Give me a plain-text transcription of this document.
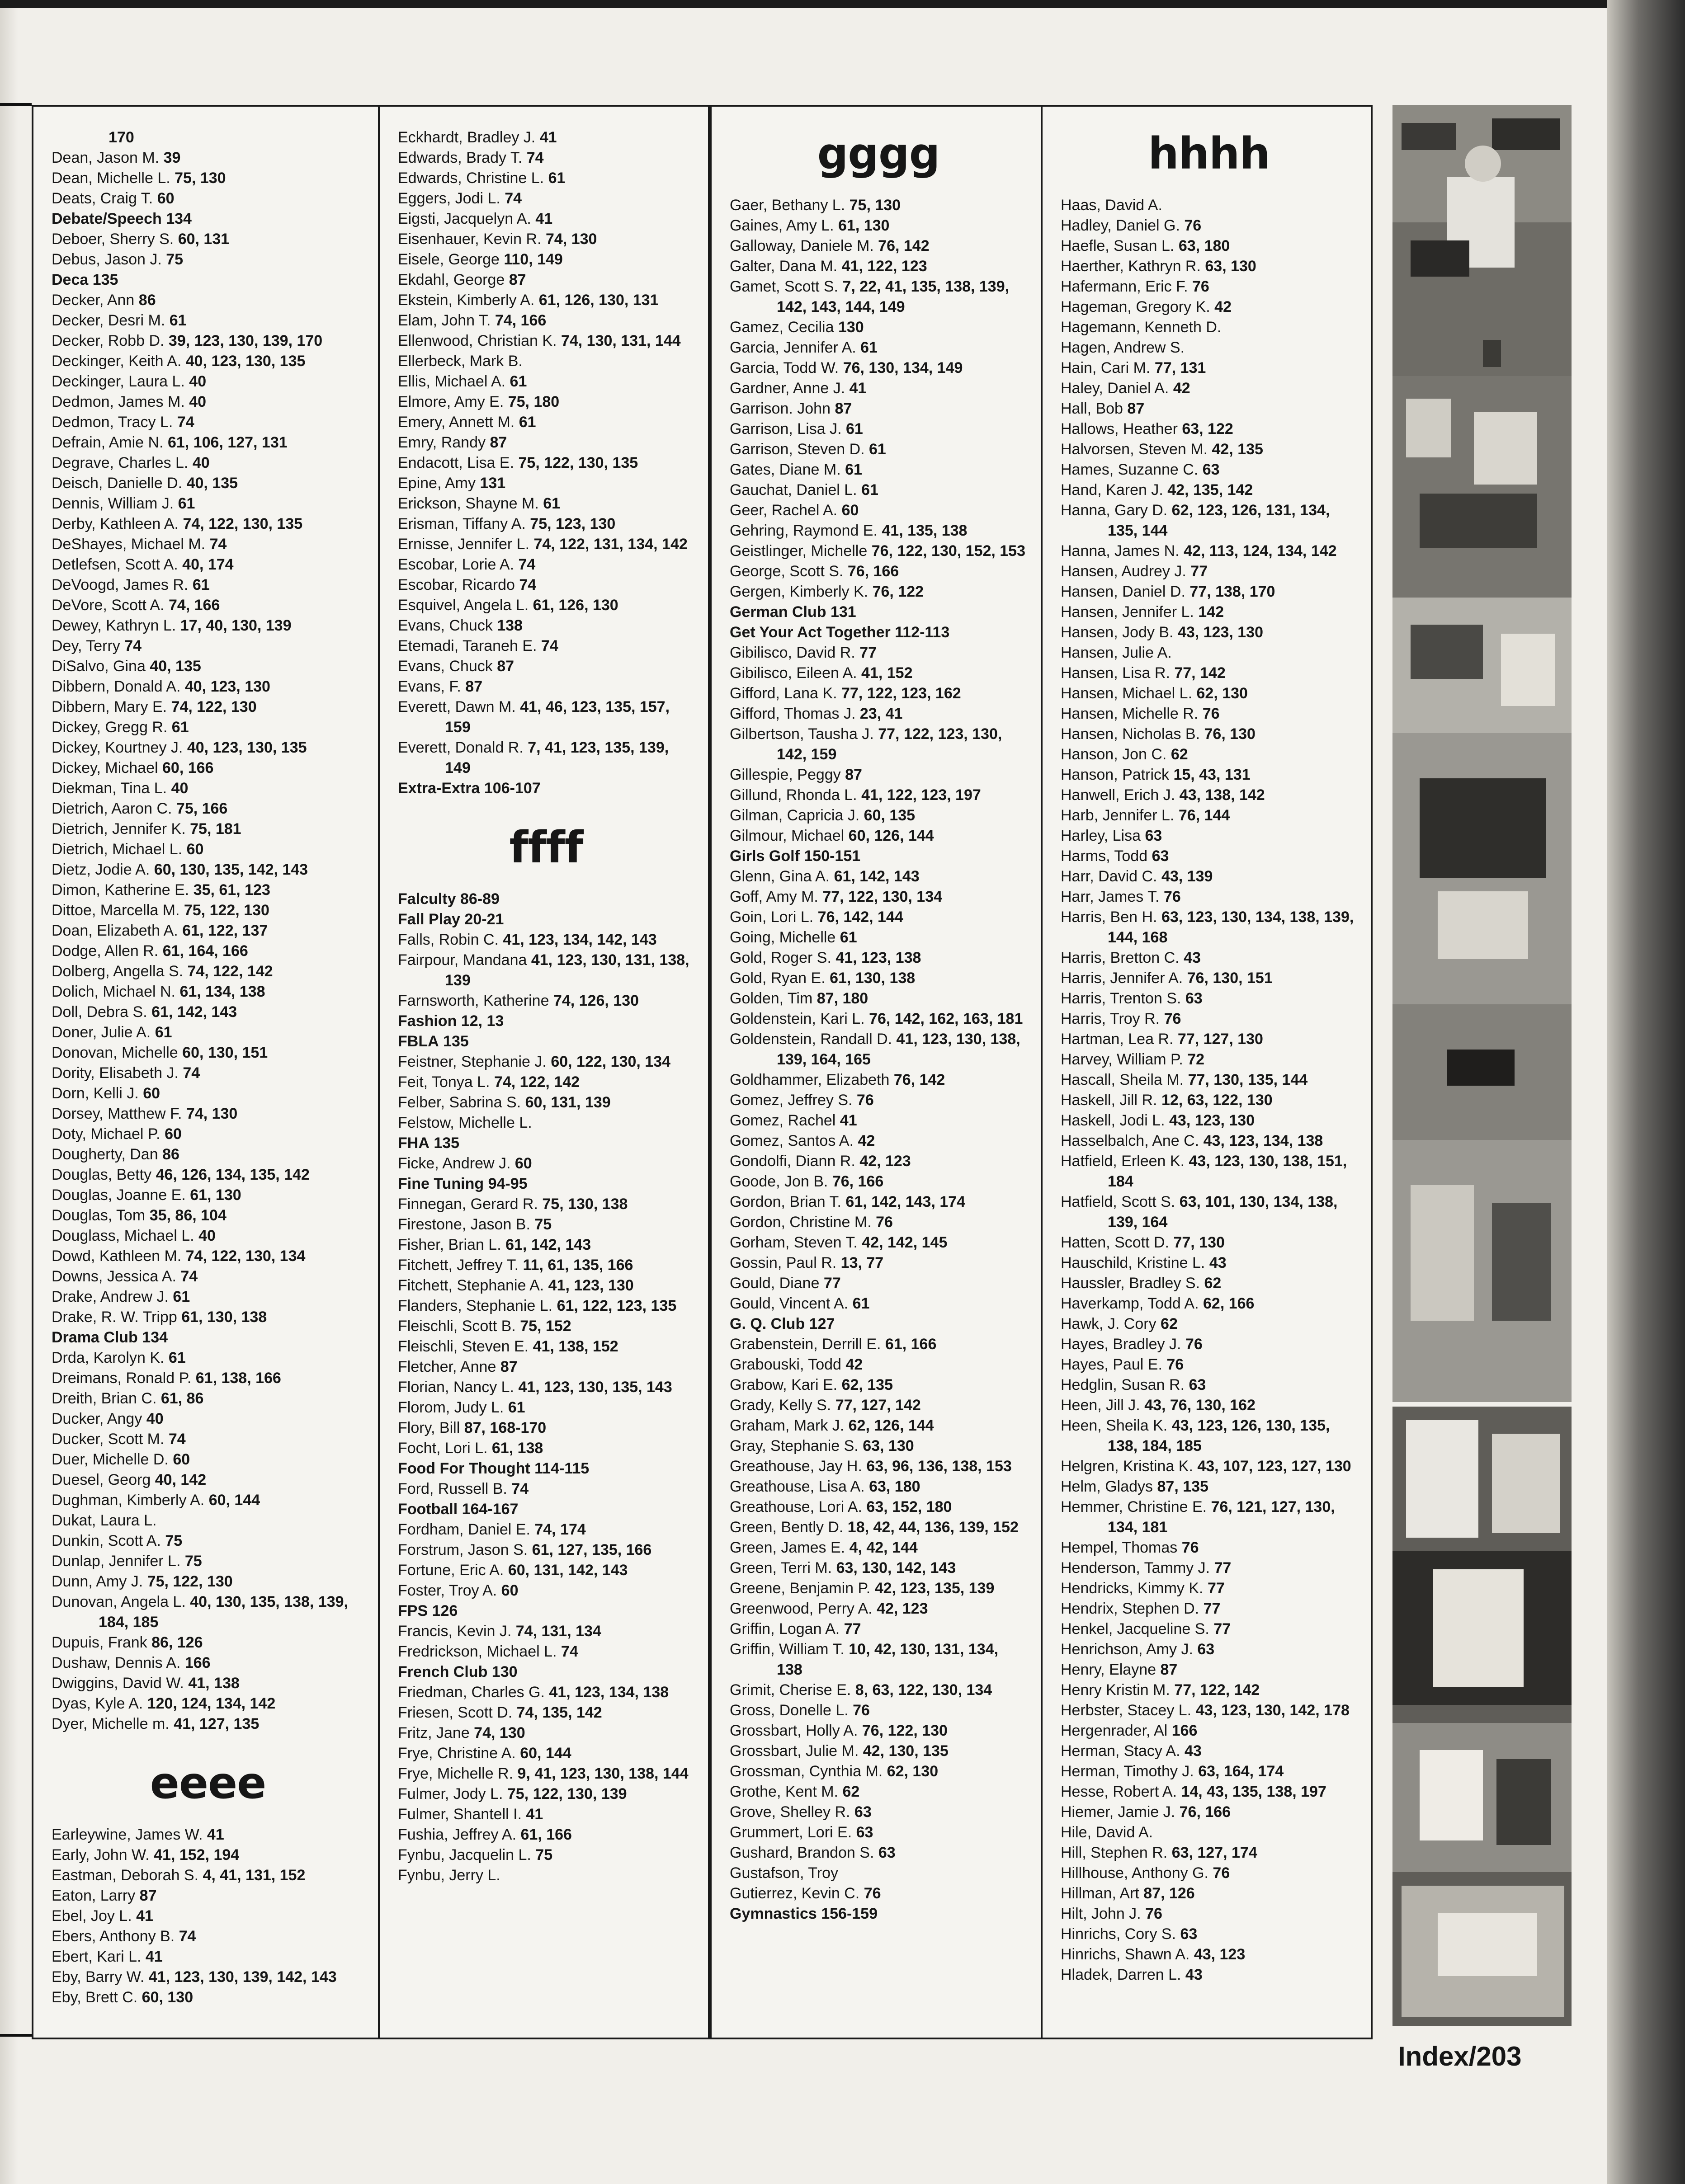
170

Dean, Jason M. 39

Dean, Michelle L. 75, 130

Deats, Craig T. 60

Debate/Speech 134

Deboer, Sherry S. 60, 131

Debus, Jason J. 75

Deca 135

Decker, Ann 86

Decker, Desri M. 61

Decker, Robb D. 39, 123, 130, 139, 170

Deckinger, Keith A. 40, 123, 130, 135

Deckinger, Laura L. 40

Dedmon, James M. 40

Dedmon, Tracy L. 74

Defrain, Amie N. 61, 106, 127, 131

Degrave, Charles L. 40

Deisch, Danielle D. 40, 135

Dennis, William J. 61

Derby, Kathleen A. 74, 122, 130, 135

DeShayes, Michael M. 74

Detlefsen, Scott A. 40, 174

DeVoogd, James R. 61

DeVore, Scott A. 74, 166

Dewey, Kathryn L. 17, 40, 130, 139

Dey, Terry 74

DiSalvo, Gina 40, 135

Dibbern, Donald A. 40, 123, 130

Dibbern, Mary E. 74, 122, 130

Dickey, Gregg R. 61

Dickey, Kourtney J. 40, 123, 130, 135

Dickey, Michael 60, 166

Diekman, Tina L. 40

Dietrich, Aaron C. 75, 166

Dietrich, Jennifer K. 75, 181

Dietrich, Michael L. 60

Dietz, Jodie A. 60, 130, 135, 142, 143

Dimon, Katherine E. 35, 61, 123

Dittoe, Marcella M. 75, 122, 130

Doan, Elizabeth A. 61, 122, 137

Dodge, Allen R. 61, 164, 166

Dolberg, Angella S. 74, 122, 142

Dolich, Michael N. 61, 134, 138

Doll, Debra S. 61, 142, 143

Doner, Julie A. 61

Donovan, Michelle 60, 130, 151

Dority, Elisabeth J. 74

Dorn, Kelli J. 60

Dorsey, Matthew F. 74, 130

Doty, Michael P. 60

Dougherty, Dan 86

Douglas, Betty 46, 126, 134, 135, 142

Douglas, Joanne E. 61, 130

Douglas, Tom 35, 86, 104

Douglass, Michael L. 40

Dowd, Kathleen M. 74, 122, 130, 134

Downs, Jessica A. 74

Drake, Andrew J. 61

Drake, R. W. Tripp 61, 130, 138

Drama Club 134

Drda, Karolyn K. 61

Dreimans, Ronald P. 61, 138, 166

Dreith, Brian C. 61, 86

Ducker, Angy 40

Ducker, Scott M. 74

Duer, Michelle D. 60

Duesel, Georg 40, 142

Dughman, Kimberly A. 60, 144

Dukat, Laura L.

Dunkin, Scott A. 75

Dunlap, Jennifer L. 75

Dunn, Amy J. 75, 122, 130

Dunovan, Angela L. 40, 130, 135, 138, 139, 184, 185

Dupuis, Frank 86, 126

Dushaw, Dennis A. 166

Dwiggins, David W. 41, 138

Dyas, Kyle A. 120, 124, 134, 142

Dyer, Michelle m. 41, 127, 135

eeee

Earleywine, James W. 41

Early, John W. 41, 152, 194

Eastman, Deborah S. 4, 41, 131, 152

Eaton, Larry 87

Ebel, Joy L. 41

Ebers, Anthony B. 74

Ebert, Kari L. 41

Eby, Barry W. 41, 123, 130, 139, 142, 143

Eby, Brett C. 60, 130

Eckhardt, Bradley J. 41

Edwards, Brady T. 74

Edwards, Christine L. 61

Eggers, Jodi L. 74

Eigsti, Jacquelyn A. 41

Eisenhauer, Kevin R. 74, 130

Eisele, George 110, 149

Ekdahl, George 87

Ekstein, Kimberly A. 61, 126, 130, 131

Elam, John T. 74, 166

Ellenwood, Christian K. 74, 130, 131, 144

Ellerbeck, Mark B.

Ellis, Michael A. 61

Elmore, Amy E. 75, 180

Emery, Annett M. 61

Emry, Randy 87

Endacott, Lisa E. 75, 122, 130, 135

Epine, Amy 131

Erickson, Shayne M. 61

Erisman, Tiffany A. 75, 123, 130

Ernisse, Jennifer L. 74, 122, 131, 134, 142

Escobar, Lorie A. 74

Escobar, Ricardo 74

Esquivel, Angela L. 61, 126, 130

Evans, Chuck 138

Etemadi, Taraneh E. 74

Evans, Chuck 87

Evans, F. 87

Everett, Dawn M. 41, 46, 123, 135, 157, 159

Everett, Donald R. 7, 41, 123, 135, 139, 149

Extra-Extra 106-107

ffff

Falculty 86-89

Fall Play 20-21

Falls, Robin C. 41, 123, 134, 142, 143

Fairpour, Mandana 41, 123, 130, 131, 138, 139

Farnsworth, Katherine 74, 126, 130

Fashion 12, 13

FBLA 135

Feistner, Stephanie J. 60, 122, 130, 134

Feit, Tonya L. 74, 122, 142

Felber, Sabrina S. 60, 131, 139

Felstow, Michelle L.

FHA 135

Ficke, Andrew J. 60

Fine Tuning 94-95

Finnegan, Gerard R. 75, 130, 138

Firestone, Jason B. 75

Fisher, Brian L. 61, 142, 143

Fitchett, Jeffrey T. 11, 61, 135, 166

Fitchett, Stephanie A. 41, 123, 130

Flanders, Stephanie L. 61, 122, 123, 135

Fleischli, Scott B. 75, 152

Fleischli, Steven E. 41, 138, 152

Fletcher, Anne 87

Florian, Nancy L. 41, 123, 130, 135, 143

Florom, Judy L. 61

Flory, Bill 87, 168-170

Focht, Lori L. 61, 138

Food For Thought 114-115

Ford, Russell B. 74

Football 164-167

Fordham, Daniel E. 74, 174

Forstrum, Jason S. 61, 127, 135, 166

Fortune, Eric A. 60, 131, 142, 143

Foster, Troy A. 60

FPS 126

Francis, Kevin J. 74, 131, 134

Fredrickson, Michael L. 74

French Club 130

Friedman, Charles G. 41, 123, 134, 138

Friesen, Scott D. 74, 135, 142

Fritz, Jane 74, 130

Frye, Christine A. 60, 144

Frye, Michelle R. 9, 41, 123, 130, 138, 144

Fulmer, Jody L. 75, 122, 130, 139

Fulmer, Shantell I. 41

Fushia, Jeffrey A. 61, 166

Fynbu, Jacquelin L. 75

Fynbu, Jerry L.

gggg

Gaer, Bethany L. 75, 130

Gaines, Amy L. 61, 130

Galloway, Daniele M. 76, 142

Galter, Dana M. 41, 122, 123

Gamet, Scott S. 7, 22, 41, 135, 138, 139, 142, 143, 144, 149

Gamez, Cecilia 130

Garcia, Jennifer A. 61

Garcia, Todd W. 76, 130, 134, 149

Gardner, Anne J. 41

Garrison. John 87

Garrison, Lisa J. 61

Garrison, Steven D. 61

Gates, Diane M. 61

Gauchat, Daniel L. 61

Geer, Rachel A. 60

Gehring, Raymond E. 41, 135, 138

Geistlinger, Michelle 76, 122, 130, 152, 153

George, Scott S. 76, 166

Gergen, Kimberly K. 76, 122

German Club 131

Get Your Act Together 112-113

Gibilisco, David R. 77

Gibilisco, Eileen A. 41, 152

Gifford, Lana K. 77, 122, 123, 162

Gifford, Thomas J. 23, 41

Gilbertson, Tausha J. 77, 122, 123, 130, 142, 159

Gillespie, Peggy 87

Gillund, Rhonda L. 41, 122, 123, 197

Gilman, Capricia J. 60, 135

Gilmour, Michael 60, 126, 144

Girls Golf 150-151

Glenn, Gina A. 61, 142, 143

Goff, Amy M. 77, 122, 130, 134

Goin, Lori L. 76, 142, 144

Going, Michelle 61

Gold, Roger S. 41, 123, 138

Gold, Ryan E. 61, 130, 138

Golden, Tim 87, 180

Goldenstein, Kari L. 76, 142, 162, 163, 181

Goldenstein, Randall D. 41, 123, 130, 138, 139, 164, 165

Goldhammer, Elizabeth 76, 142

Gomez, Jeffrey S. 76

Gomez, Rachel 41

Gomez, Santos A. 42

Gondolfi, Diann R. 42, 123

Goode, Jon B. 76, 166

Gordon, Brian T. 61, 142, 143, 174

Gordon, Christine M. 76

Gorham, Steven T. 42, 142, 145

Gossin, Paul R. 13, 77

Gould, Diane 77

Gould, Vincent A. 61

G. Q. Club 127

Grabenstein, Derrill E. 61, 166

Grabouski, Todd 42

Grabow, Kari E. 62, 135

Grady, Kelly S. 77, 127, 142

Graham, Mark J. 62, 126, 144

Gray, Stephanie S. 63, 130

Greathouse, Jay H. 63, 96, 136, 138, 153

Greathouse, Lisa A. 63, 180

Greathouse, Lori A. 63, 152, 180

Green, Bently D. 18, 42, 44, 136, 139, 152

Green, James E. 4, 42, 144

Green, Terri M. 63, 130, 142, 143

Greene, Benjamin P. 42, 123, 135, 139

Greenwood, Perry A. 42, 123

Griffin, Logan A. 77

Griffin, William T. 10, 42, 130, 131, 134, 138

Grimit, Cherise E. 8, 63, 122, 130, 134

Gross, Donelle L. 76

Grossbart, Holly A. 76, 122, 130

Grossbart, Julie M. 42, 130, 135

Grossman, Cynthia M. 62, 130

Grothe, Kent M. 62

Grove, Shelley R. 63

Grummert, Lori E. 63

Gushard, Brandon S. 63

Gustafson, Troy

Gutierrez, Kevin C. 76

Gymnastics 156-159

hhhh

Haas, David A.

Hadley, Daniel G. 76

Haefle, Susan L. 63, 180

Haerther, Kathryn R. 63, 130

Hafermann, Eric F. 76

Hageman, Gregory K. 42

Hagemann, Kenneth D.

Hagen, Andrew S.

Hain, Cari M. 77, 131

Haley, Daniel A. 42

Hall, Bob 87

Hallows, Heather 63, 122

Halvorsen, Steven M. 42, 135

Hames, Suzanne C. 63

Hand, Karen J. 42, 135, 142

Hanna, Gary D. 62, 123, 126, 131, 134, 135, 144

Hanna, James N. 42, 113, 124, 134, 142

Hansen, Audrey J. 77

Hansen, Daniel D. 77, 138, 170

Hansen, Jennifer L. 142

Hansen, Jody B. 43, 123, 130

Hansen, Julie A.

Hansen, Lisa R. 77, 142

Hansen, Michael L. 62, 130

Hansen, Michelle R. 76

Hansen, Nicholas B. 76, 130

Hanson, Jon C. 62

Hanson, Patrick 15, 43, 131

Hanwell, Erich J. 43, 138, 142

Harb, Jennifer L. 76, 144

Harley, Lisa 63

Harms, Todd 63

Harr, David C. 43, 139

Harr, James T. 76

Harris, Ben H. 63, 123, 130, 134, 138, 139, 144, 168

Harris, Bretton C. 43

Harris, Jennifer A. 76, 130, 151

Harris, Trenton S. 63

Harris, Troy R. 76

Hartman, Lea R. 77, 127, 130

Harvey, William P. 72

Hascall, Sheila M. 77, 130, 135, 144

Haskell, Jill R. 12, 63, 122, 130

Haskell, Jodi L. 43, 123, 130

Hasselbalch, Ane C. 43, 123, 134, 138

Hatfield, Erleen K. 43, 123, 130, 138, 151, 184

Hatfield, Scott S. 63, 101, 130, 134, 138, 139, 164

Hatten, Scott D. 77, 130

Hauschild, Kristine L. 43

Haussler, Bradley S. 62

Haverkamp, Todd A. 62, 166

Hawk, J. Cory 62

Hayes, Bradley J. 76

Hayes, Paul E. 76

Hedglin, Susan R. 63

Heen, Jill J. 43, 76, 130, 162

Heen, Sheila K. 43, 123, 126, 130, 135, 138, 184, 185

Helgren, Kristina K. 43, 107, 123, 127, 130

Helm, Gladys 87, 135

Hemmer, Christine E. 76, 121, 127, 130, 134, 181

Hempel, Thomas 76

Henderson, Tammy J. 77

Hendricks, Kimmy K. 77

Hendrix, Stephen D. 77

Henkel, Jacqueline S. 77

Henrichson, Amy J. 63

Henry, Elayne 87

Henry Kristin M. 77, 122, 142

Herbster, Stacey L. 43, 123, 130, 142, 178

Hergenrader, Al 166

Herman, Stacy A. 43

Herman, Timothy J. 63, 164, 174

Hesse, Robert A. 14, 43, 135, 138, 197

Hiemer, Jamie J. 76, 166

Hile, David A.

Hill, Stephen R. 63, 127, 174

Hillhouse, Anthony G. 76

Hillman, Art 87, 126

Hilt, John J. 76

Hinrichs, Cory S. 63

Hinrichs, Shawn A. 43, 123

Hladek, Darren L. 43

Index/203
